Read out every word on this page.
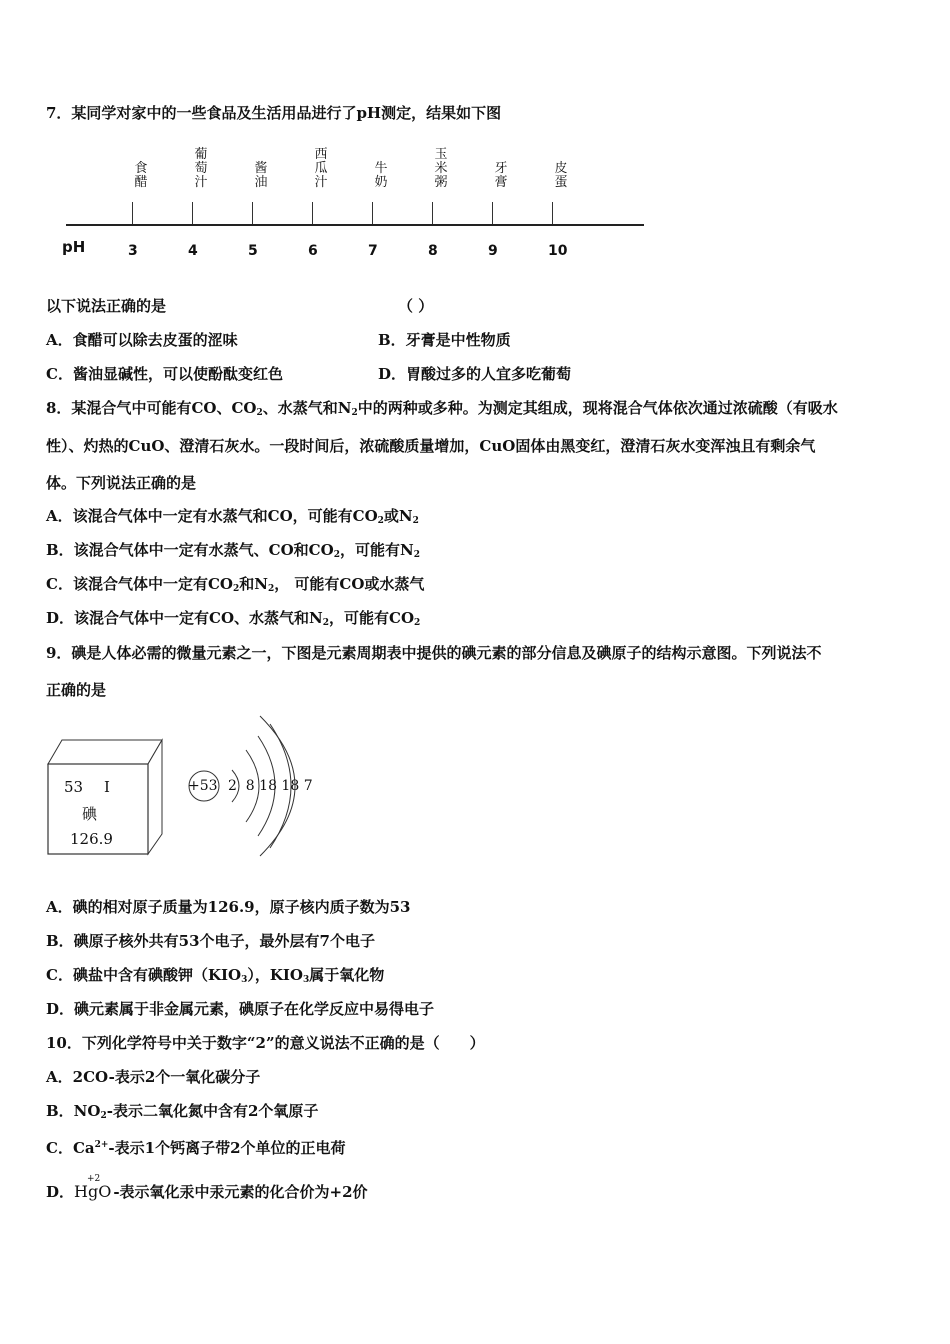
7．某同学对家中的一些食品及生活用品进行了pH测定，结果如下图
pH
食醋
3
葡萄汁
4
酱油
5
西瓜汁
6
牛奶
7
玉米粥
8
牙膏
9
皮蛋
10
以下说法正确的是	（ ）
A．食醋可以除去皮蛋的涩味	B．牙膏是中性物质
C．酱油显碱性，可以使酚酞变红色	D．胃酸过多的人宜多吃葡萄
8．某混合气中可能有CO、$CO_2$、水蒸气和$N_2$中的两种或多种。为测定其组成，现将混合气体依次通过浓硫酸（有吸水
性）、灼热的CuO、澄清石灰水。一段时间后，浓硫酸质量增加，CuO固体由黑变红，澄清石灰水变浑浊且有剩余气
体。下列说法正确的是
A．该混合气体中一定有水蒸气和CO，可能有$CO_2$或$N_2$
B．该混合气体中一定有水蒸气、CO和$CO_2$，可能有$N_2$
C．该混合气体中一定有$CO_2$和$N_2$， 可能有CO或水蒸气
D．该混合气体中一定有CO、水蒸气和$N_2$，可能有$CO_2$
9．碘是人体必需的微量元素之一，下图是元素周期表中提供的碘元素的部分信息及碘原子的结构示意图。下列说法不
正确的是
53 I
碘
126.9
+53 2  8 18 18 7
A．碘的相对原子质量为126.9，原子核内质子数为53
B．碘原子核外共有53个电子，最外层有7个电子
C．碘盐中含有碘酸钾$(KIO_3)$，$KIO_3$属于氧化物
D．碘元素属于非金属元素，碘原子在化学反应中易得电子
10．下列化学符号中关于数字“2”的意义说法不正确的是（　　）
A．2CO-表示2个一氧化碳分子
B．$NO_2-$表示二氧化氮中含有2个氧原子
C．$Ca^{2+}-$表示1个钙离子带2个单位的正电荷
D．
+2
HgO -表示氧化汞中汞元素的化合价为+2价
